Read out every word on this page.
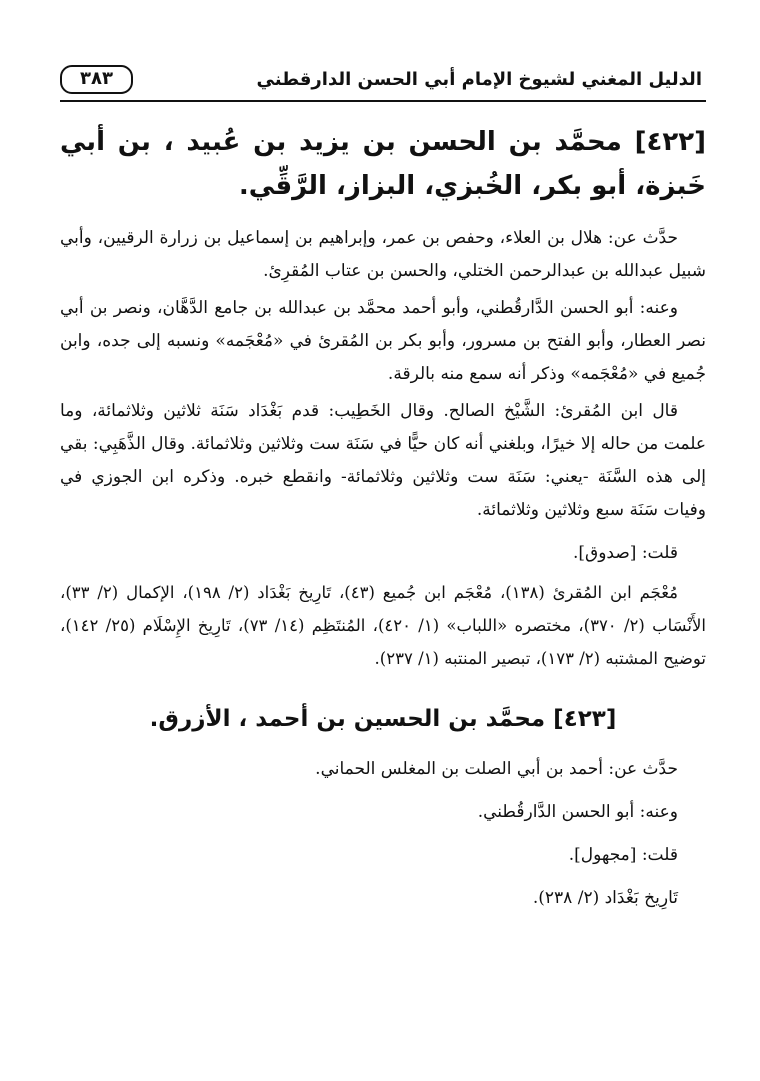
الدليل المغني لشيوخ الإمام أبي الحسن الدارقطني
٣٨٣
[٤٢٢] محمَّد بن الحسن بن يزيد بن عُبيد ، بن أبي خَبزة، أبو بكر، الخُبزي، البزاز، الرَّقِّي.

حدَّث عن: هلال بن العلاء، وحفص بن عمر، وإبراهيم بن إسماعيل بن زرارة الرقيين، وأبي شبيل عبدالله بن عبدالرحمن الختلي، والحسن بن عتاب المُقرِئ.

وعنه: أبو الحسن الدَّارقُطني، وأبو أحمد محمَّد بن عبدالله بن جامع الدَّهَّان، ونصر بن أبي نصر العطار، وأبو الفتح بن مسرور، وأبو بكر بن المُقرئ في «مُعْجَمه» ونسبه إلى جده، وابن جُميع في «مُعْجَمه» وذكر أنه سمع منه بالرقة.

قال ابن المُقرئ: الشَّيْخ الصالح. وقال الخَطِيب: قدم بَغْدَاد سَنَة ثلاثين وثلاثمائة، وما علمت من حاله إلا خيرًا، وبلغني أنه كان حيًّا في سَنَة ست وثلاثين وثلاثمائة. وقال الذَّهَبِي: بقي إلى هذه السَّنَة -يعني: سَنَة ست وثلاثين وثلاثمائة- وانقطع خبره. وذكره ابن الجوزي في وفيات سَنَة سبع وثلاثين وثلاثمائة.

قلت: [صدوق].

مُعْجَم ابن المُقرئ (١٣٨)، مُعْجَم ابن جُميع (٤٣)، تَارِيخ بَغْدَاد (٢/ ١٩٨)، الإكمال (٢/ ٣٣)، الأَنْسَاب (٢/ ٣٧٠)، مختصره «اللباب» (١/ ٤٢٠)، المُنتَظِم (١٤/ ٧٣)، تَارِيخ الإِسْلَام (٢٥/ ١٤٢)، توضيح المشتبه (٢/ ١٧٣)، تبصير المنتبه (١/ ٢٣٧).

[٤٢٣] محمَّد بن الحسين بن أحمد ، الأزرق.

حدَّث عن: أحمد بن أبي الصلت بن المغلس الحماني.

وعنه: أبو الحسن الدَّارقُطني.

قلت: [مجهول].

تَارِيخ بَغْدَاد (٢/ ٢٣٨).
